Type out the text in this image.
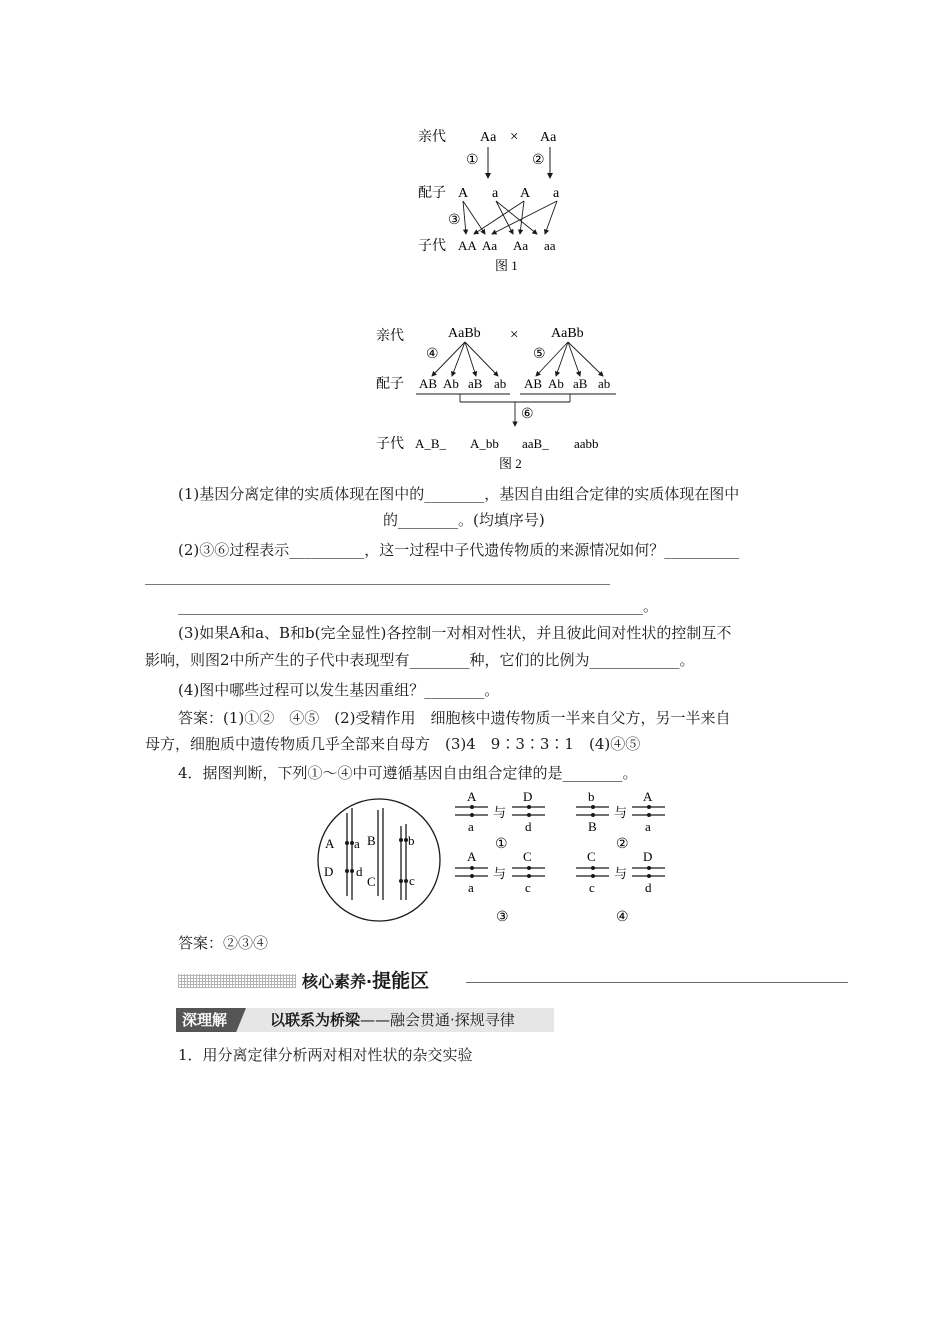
亲代 Aa × Aa
①	②
配子 A a A a
③
子代 AA Aa Aa aa
图 1
亲代	AaBb × AaBb
④	⑤
配子 AB Ab aB ab AB Ab aB ab
⑥
子代 A_B_ A_bb aaB_ aabb
图 2
(1)基因分离定律的实质体现在图中的________，基因自由组合定律的实质体现在图中
的________。(均填序号)
(2)③⑥过程表示__________，这一过程中子代遗传物质的来源情况如何？__________
______________________________________________________________
______________________________________________________________。
(3)如果A和a、B和b(完全显性)各控制一对相对性状，并且彼此间对性状的控制互不
影响，则图2中所产生的子代中表现型有________种，它们的比例为____________。
(4)图中哪些过程可以发生基因重组？________。
答案：(1)①②　④⑤　(2)受精作用　细胞核中遗传物质一半来自父方，另一半来自
母方，细胞质中遗传物质几乎全部来自母方　(3)4　9∶3∶3∶1　(4)④⑤
4．据图判断，下列①～④中可遵循基因自由组合定律的是________。
A a
D d
B b
C	c
A
a
与
D
d
①
b
B
与
A
a
②
A
a
与
C
c
③
C
c
与
D
d
④
答案：②③④
核心素养·提能区
深理解	以联系为桥梁——融会贯通·探规寻律
1．用分离定律分析两对相对性状的杂交实验
